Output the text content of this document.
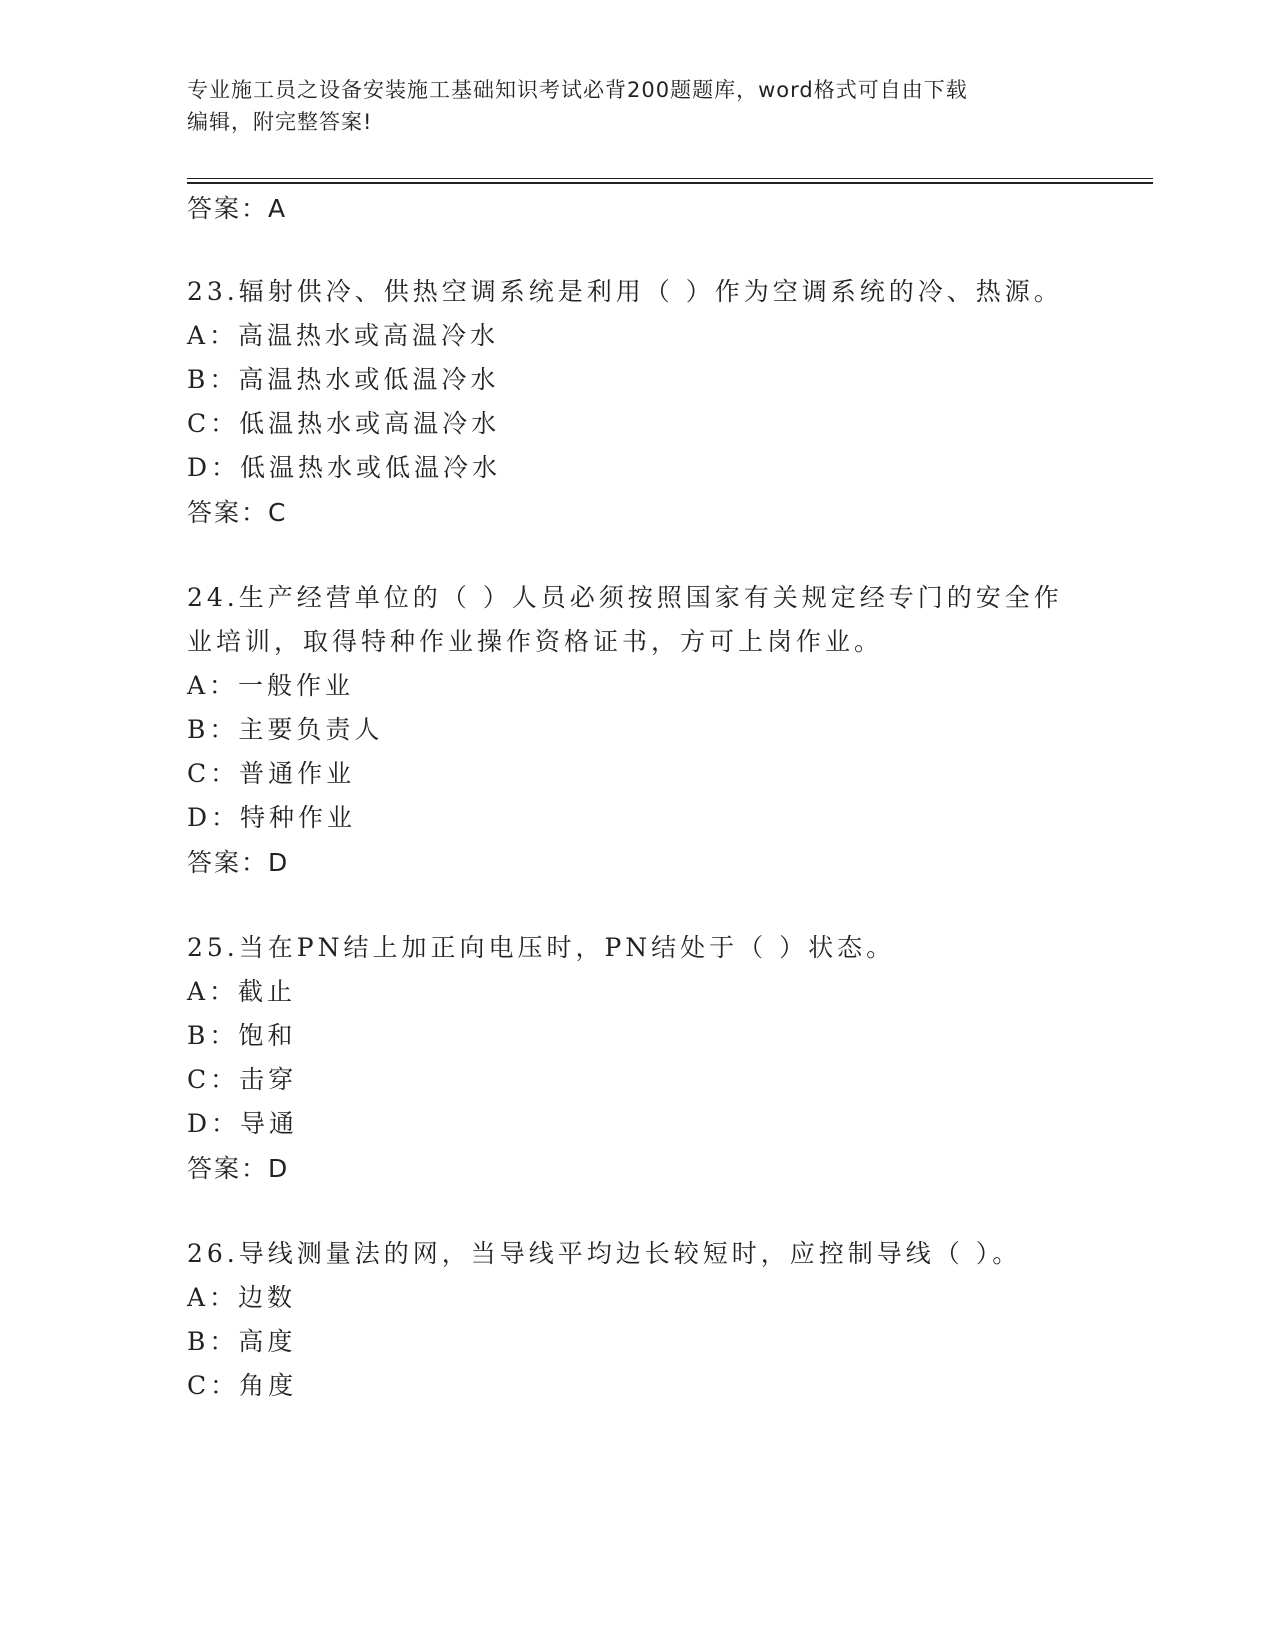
专业施工员之设备安装施工基础知识考试必背200题题库，word格式可自由下载
编辑，附完整答案!
答案：A
23.辐射供冷、供热空调系统是利用（ ）作为空调系统的冷、热源。
A：高温热水或高温冷水
B：高温热水或低温冷水
C：低温热水或高温冷水
D：低温热水或低温冷水
答案：C
24.生产经营单位的（ ）人员必须按照国家有关规定经专门的安全作
业培训，取得特种作业操作资格证书，方可上岗作业。
A：一般作业
B：主要负责人
C：普通作业
D：特种作业
答案：D
25.当在PN结上加正向电压时，PN结处于（ ）状态。
A：截止
B：饱和
C：击穿
D：导通
答案：D
26.导线测量法的网，当导线平均边长较短时，应控制导线（ ）。
A：边数
B：高度
C：角度
